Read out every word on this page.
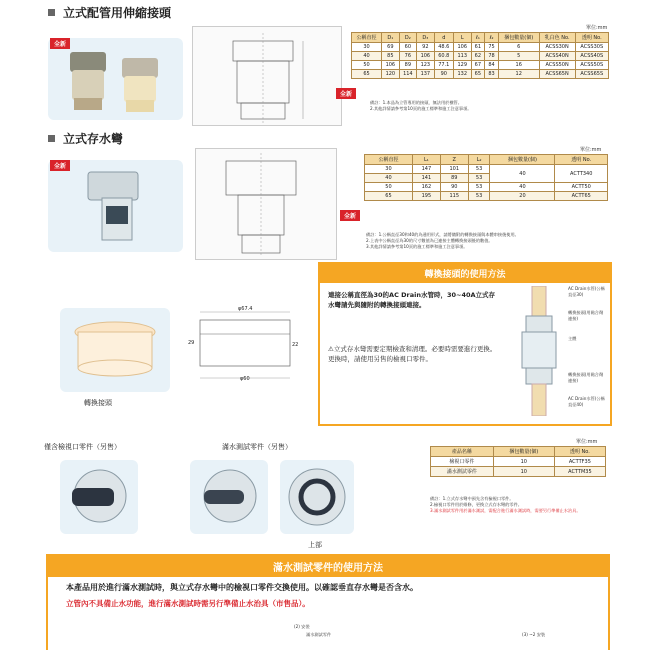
立式配管用伸縮接頭
全新
單位:mm
公稱直徑	D₁	D₂	D₃	d	L	ℓ₁	ℓ₂	捆包數量(個)	乳白色 No.	透明 No.
30	69	60	92	48.6	106	61	75	6	ACSS30N	ACSS30S
40	85	76	106	60.8	113	62	78	5	ACSS40N	ACSS40S
50	106	89	123	77.1	129	67	84	16	ACSS50N	ACSS50S
65	120	114	137	90	132	65	83	12	ACSS65N	ACSS65S
全新
備註：1.本品為立管專用的接頭，無法用於橫管。
2.其他詳情請參考第10頁的施工標準和施工注意事項。
立式存水彎
全新
單位:mm
公稱直徑	L₁	Z	L₂	捆包數量(個)	透明 No.
30	147	101	53	40	ACTT340
40	141	89	53		
50	162	90	53	40	ACTT50
65	195	115	53	20	ACTT65
全新
備註：1.公稱直徑30和40的為通用形式，請將隨附的轉換接頭與本體串接後使用。
2.上表中公稱直徑為30的尺寸數值為已連接主體轉換接頭後的數值。
3.其他詳情請參考第10頁的施工標準和施工注意事項。
轉換接頭
φ67.4
φ60
29	22
轉換接頭的使用方法
連接公稱直徑為30的AC Drain水管時，30~40A立式存水彎請先與隨附的轉換接頭連接。
⚠立式存水彎需要定期檢查和清理。必要時需要進行更換。更換時，請使用另售的檢視口零件。
AC Drain水管(公稱直徑30)
轉換接頭(用黏合劑連接)
主體
轉換接頭(用黏合劑連接)
AC Drain水管(公稱直徑40)
僅含檢視口零件（另售）	滿水測試零件（另售）
上部
單位:mm
產品名稱	捆包數量(個)	透明 No.
檢視口零件	10	ACTTF35
滿水測試零件	10	ACTTM35
備註：1.立式存水彎中預先含有檢視口零件。
2.檢視口零件用於維修，更換立式存水彎的零件。
3.滿水測試零件用於滿水測試，需配合進行滿水測試時，需要另行準備止水治具。
滿水測試零件的使用方法
本產品用於進行滿水測試時，與立式存水彎中的檢視口零件交換使用。以確認垂直存水彎是否含水。
立管內不具備止水功能，進行滿水測試時需另行準備止水治具（市售品）。
(2) 安裝
滿水測試零件	(3) ~2 安裝
